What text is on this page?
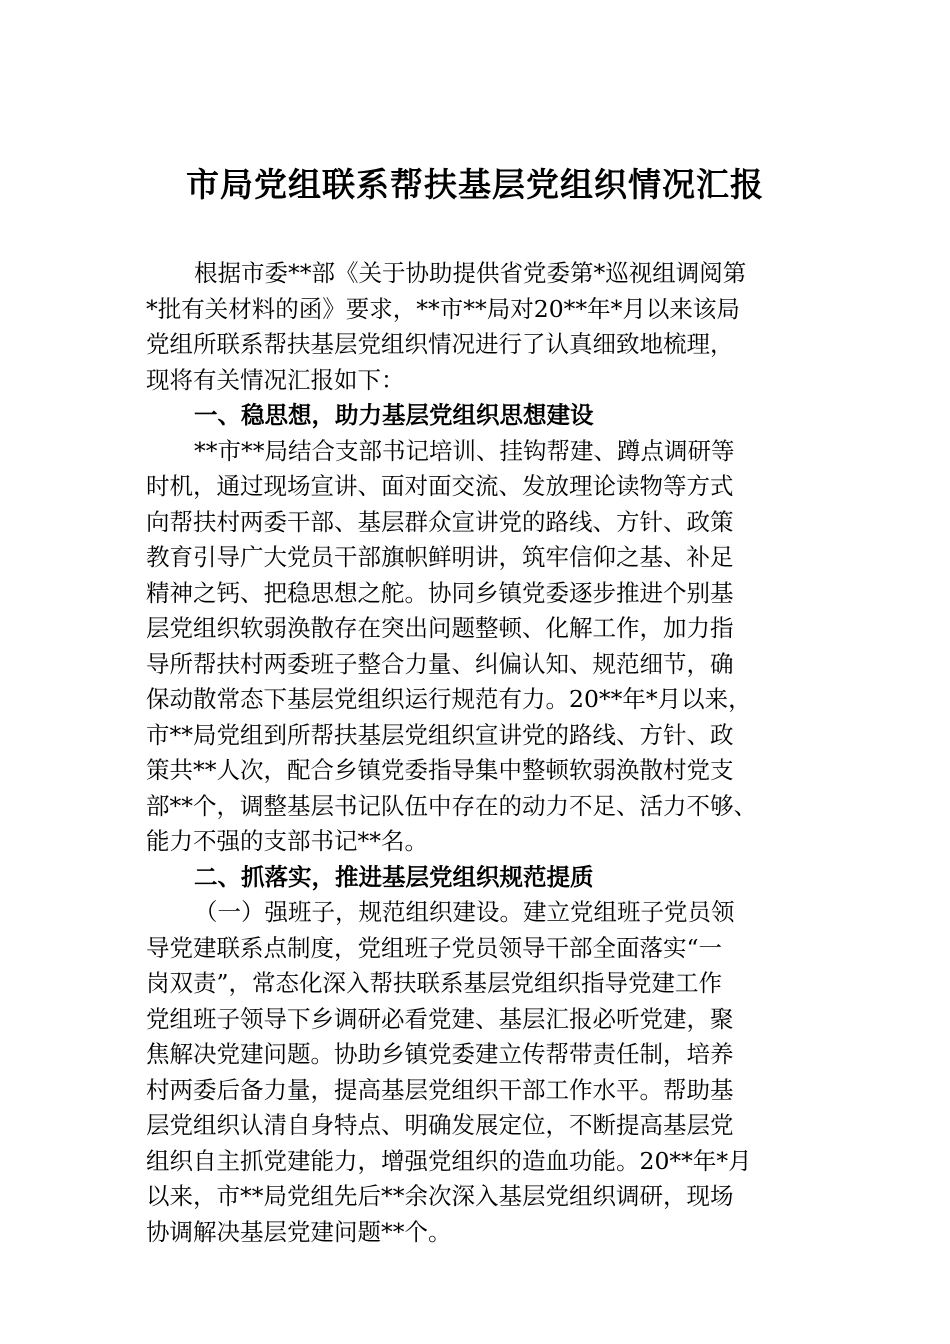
市局党组联系帮扶基层党组织情况汇报
根据市委**部《关于协助提供省党委第*巡视组调阅第
*批有关材料的函》要求，**市**局对20**年*月以来该局
党组所联系帮扶基层党组织情况进行了认真细致地梳理，
现将有关情况汇报如下：
一、稳思想，助力基层党组织思想建设
**市**局结合支部书记培训、挂钩帮建、蹲点调研等
时机，通过现场宣讲、面对面交流、发放理论读物等方式
向帮扶村两委干部、基层群众宣讲党的路线、方针、政策
教育引导广大党员干部旗帜鲜明讲，筑牢信仰之基、补足
精神之钙、把稳思想之舵。协同乡镇党委逐步推进个别基
层党组织软弱涣散存在突出问题整顿、化解工作，加力指
导所帮扶村两委班子整合力量、纠偏认知、规范细节，确
保动散常态下基层党组织运行规范有力。20**年*月以来，
市**局党组到所帮扶基层党组织宣讲党的路线、方针、政
策共**人次，配合乡镇党委指导集中整顿软弱涣散村党支
部**个，调整基层书记队伍中存在的动力不足、活力不够、
能力不强的支部书记**名。
二、抓落实，推进基层党组织规范提质
（一）强班子，规范组织建设。建立党组班子党员领
导党建联系点制度，党组班子党员领导干部全面落实“一
岗双责”，常态化深入帮扶联系基层党组织指导党建工作
党组班子领导下乡调研必看党建、基层汇报必听党建，聚
焦解决党建问题。协助乡镇党委建立传帮带责任制，培养
村两委后备力量，提高基层党组织干部工作水平。帮助基
层党组织认清自身特点、明确发展定位，不断提高基层党
组织自主抓党建能力，增强党组织的造血功能。20**年*月
以来，市**局党组先后**余次深入基层党组织调研，现场
协调解决基层党建问题**个。
